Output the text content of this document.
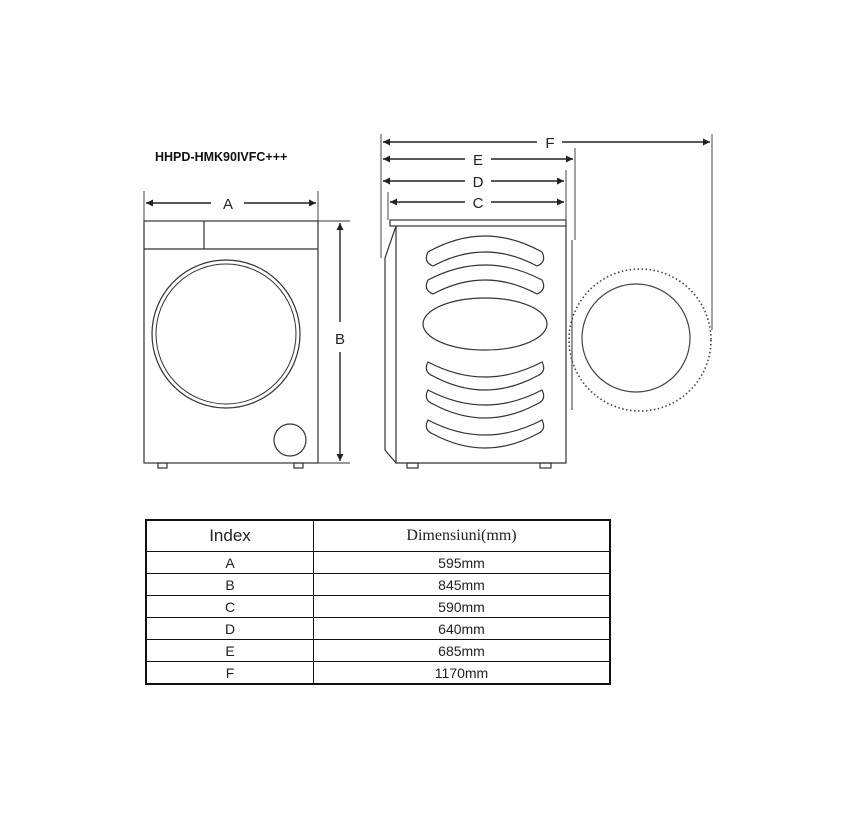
HHPD-HMK90IVFC+++
A
B
F
E
D
C
Index	Dimensiuni(mm)
A	595mm
B	845mm
C	590mm
D	640mm
E	685mm
F	1170mm
